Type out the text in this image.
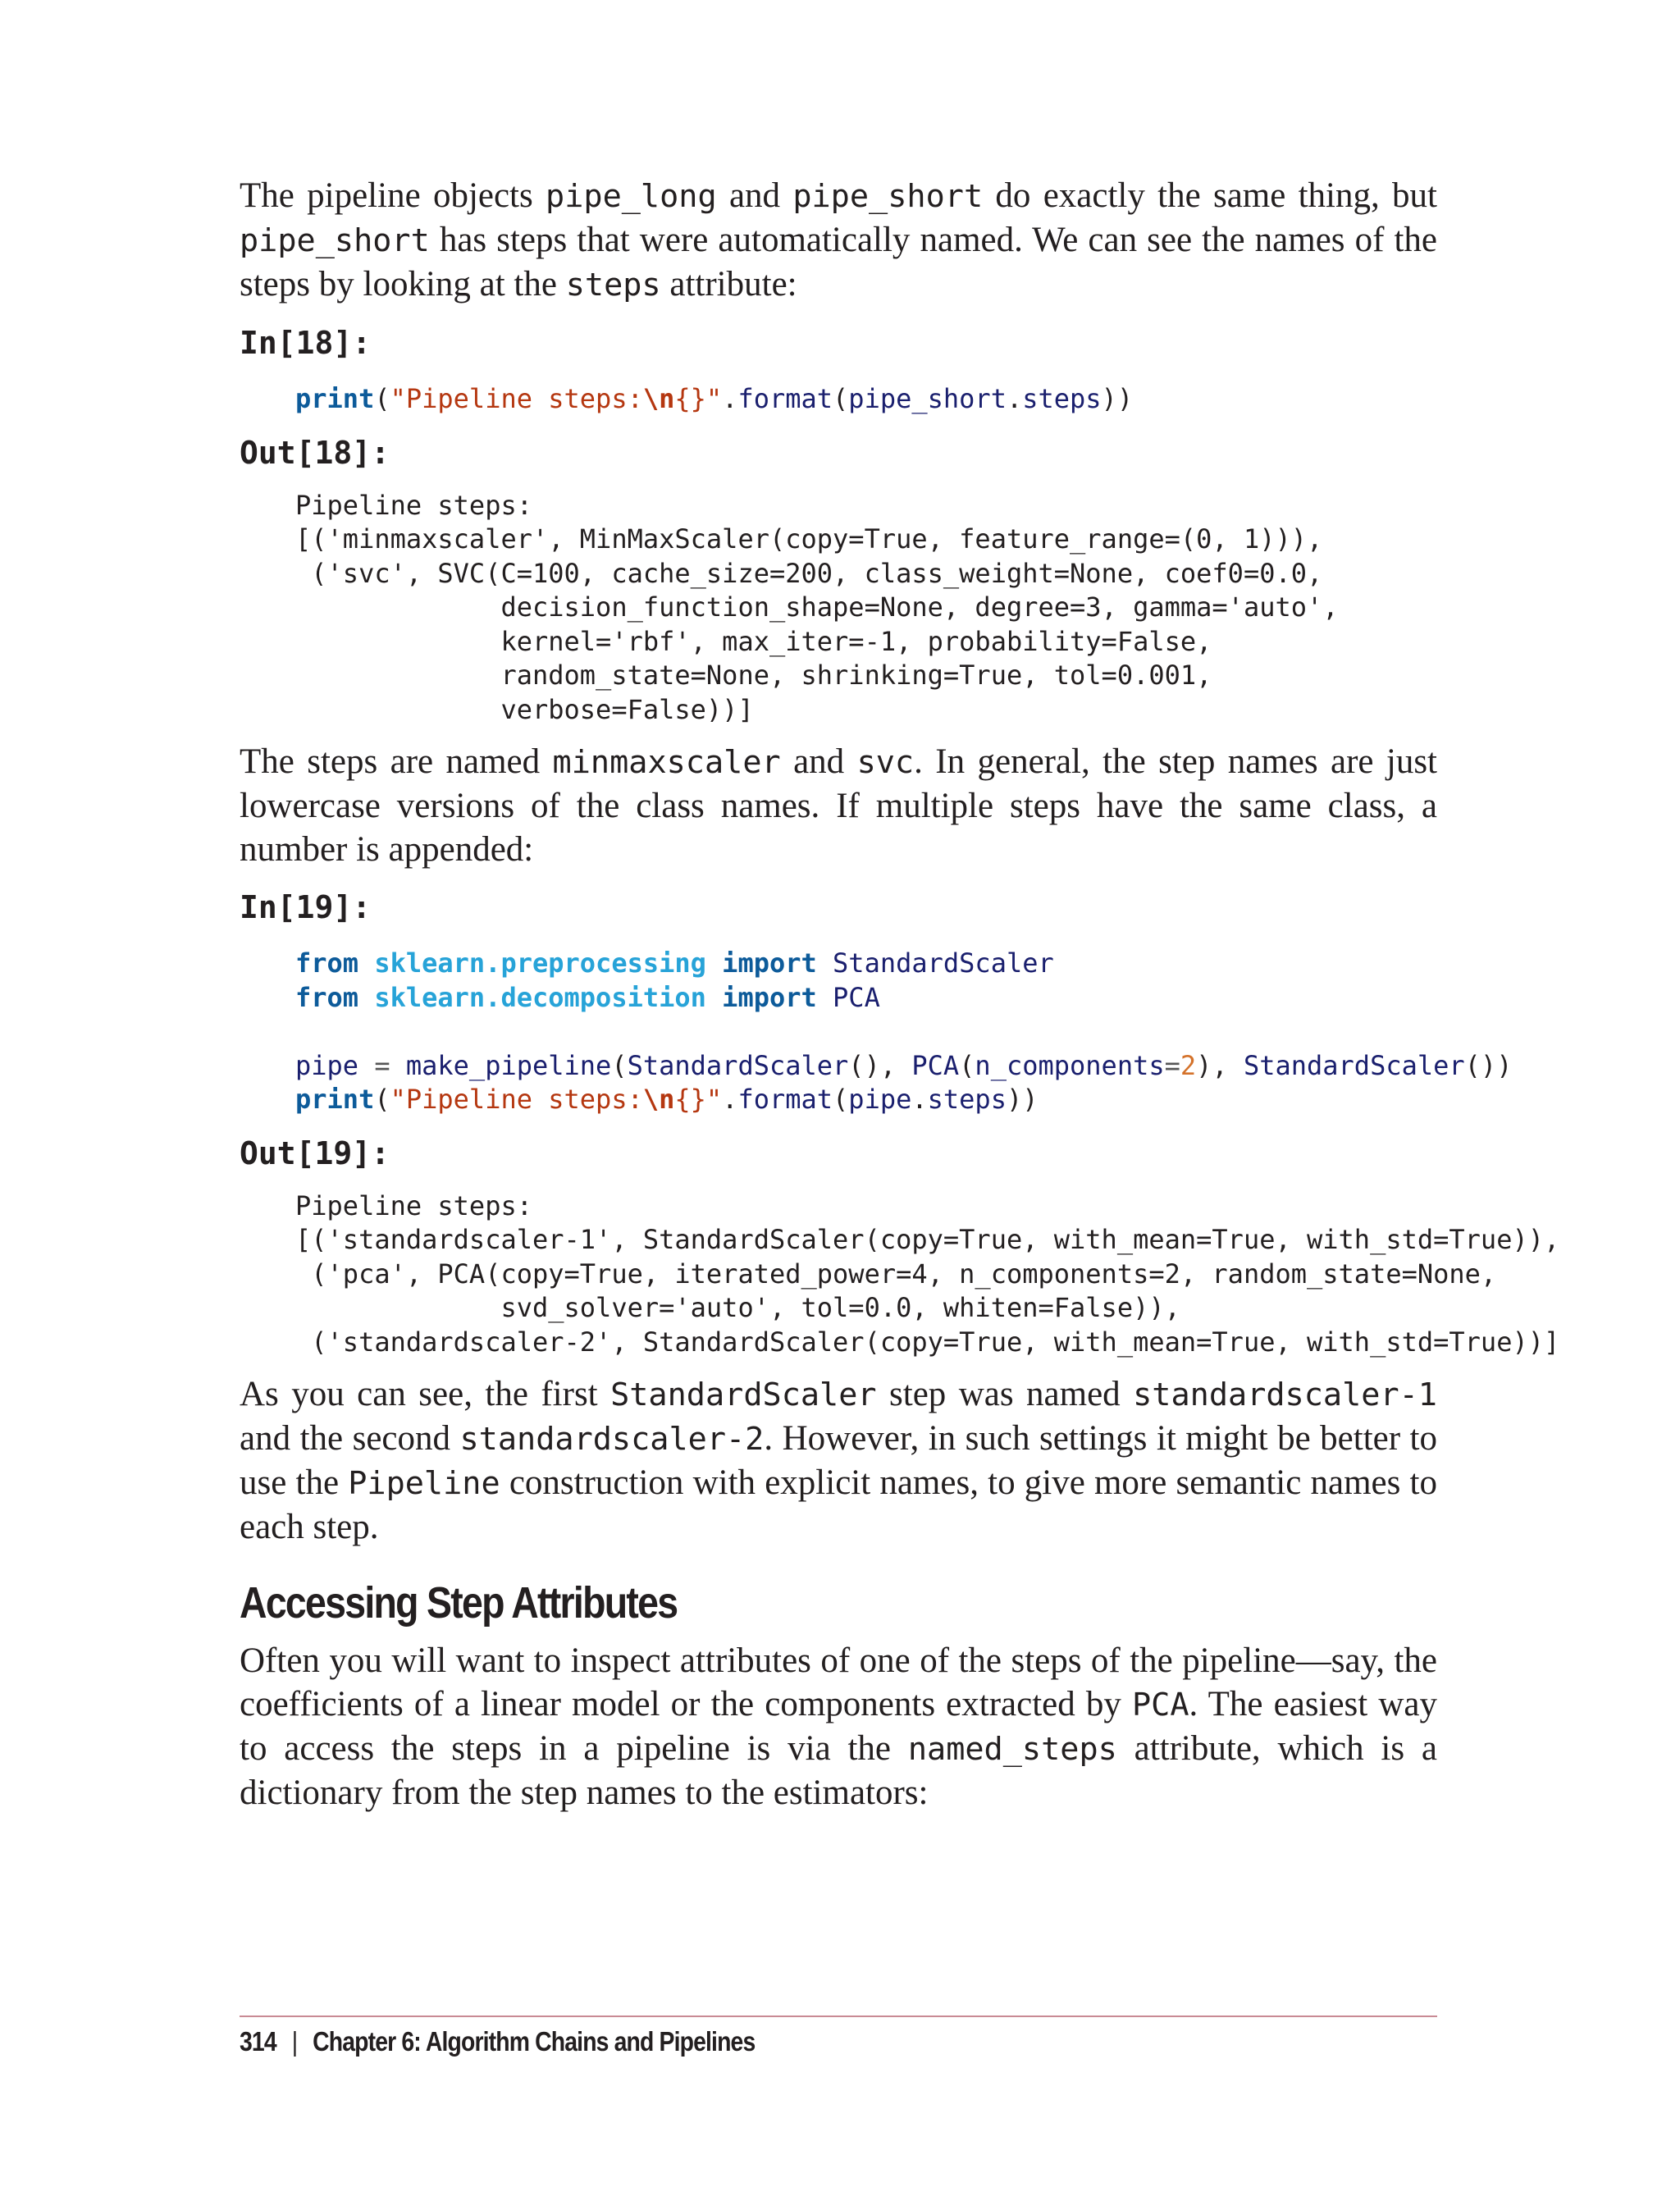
The pipeline objects pipe_long and pipe_short do exactly the same thing, but pipe_short has steps that were automatically named. We can see the names of the steps by looking at the steps attribute:

In[18]:
print("Pipeline steps:\n{}".format(pipe_short.steps))
Out[18]:
Pipeline steps:
[('minmaxscaler', MinMaxScaler(copy=True, feature_range=(0, 1))),
('svc', SVC(C=100, cache_size=200, class_weight=None, coef0=0.0,
decision_function_shape=None, degree=3, gamma='auto',
kernel='rbf', max_iter=-1, probability=False,
random_state=None, shrinking=True, tol=0.001,
verbose=False))]

The steps are named minmaxscaler and svc. In general, the step names are just lowercase versions of the class names. If multiple steps have the same class, a number is appended:

In[19]:
from sklearn.preprocessing import StandardScaler
from sklearn.decomposition import PCA

pipe = make_pipeline(StandardScaler(), PCA(n_components=2), StandardScaler())
print("Pipeline steps:\n{}".format(pipe.steps))
Out[19]:
Pipeline steps:
[('standardscaler-1', StandardScaler(copy=True, with_mean=True, with_std=True)),
('pca', PCA(copy=True, iterated_power=4, n_components=2, random_state=None,
svd_solver='auto', tol=0.0, whiten=False)),
('standardscaler-2', StandardScaler(copy=True, with_mean=True, with_std=True))]

As you can see, the first StandardScaler step was named standardscaler-1 and the second standardscaler-2. However, in such settings it might be better to use the Pipeline construction with explicit names, to give more semantic names to each step.

Accessing Step Attributes

Often you will want to inspect attributes of one of the steps of the pipeline—say, the coefficients of a linear model or the components extracted by PCA. The easiest way to access the steps in a pipeline is via the named_steps attribute, which is a dictionary from the step names to the estimators:

314 | Chapter 6: Algorithm Chains and Pipelines
